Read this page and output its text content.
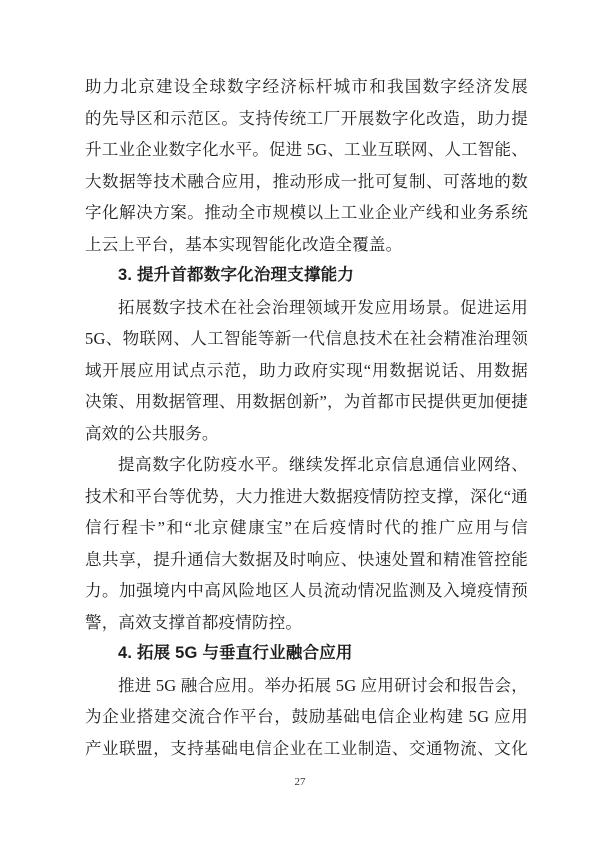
助力北京建设全球数字经济标杆城市和我国数字经济发展
的先导区和示范区。支持传统工厂开展数字化改造，助力提
升工业企业数字化水平。促进 5G、工业互联网、人工智能、
大数据等技术融合应用，推动形成一批可复制、可落地的数
字化解决方案。推动全市规模以上工业企业产线和业务系统
上云上平台，基本实现智能化改造全覆盖。
3. 提升首都数字化治理支撑能力
拓展数字技术在社会治理领域开发应用场景。促进运用
5G、物联网、人工智能等新一代信息技术在社会精准治理领
域开展应用试点示范，助力政府实现“用数据说话、用数据
决策、用数据管理、用数据创新”，为首都市民提供更加便捷
高效的公共服务。
提高数字化防疫水平。继续发挥北京信息通信业网络、
技术和平台等优势，大力推进大数据疫情防控支撑，深化“通
信行程卡”和“北京健康宝”在后疫情时代的推广应用与信
息共享，提升通信大数据及时响应、快速处置和精准管控能
力。加强境内中高风险地区人员流动情况监测及入境疫情预
警，高效支撑首都疫情防控。
4. 拓展 5G 与垂直行业融合应用
推进 5G 融合应用。举办拓展 5G 应用研讨会和报告会，
为企业搭建交流合作平台，鼓励基础电信企业构建 5G 应用
产业联盟，支持基础电信企业在工业制造、交通物流、文化
27
